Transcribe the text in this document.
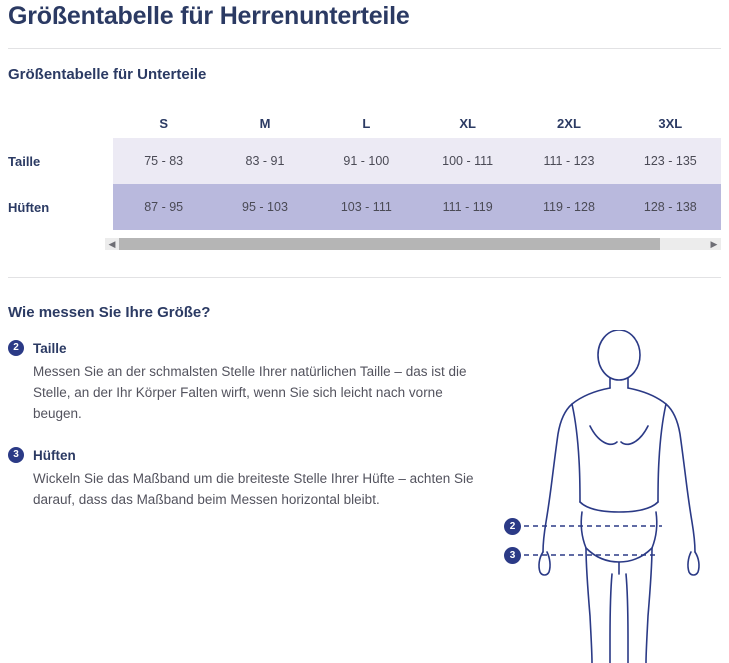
Größentabelle für Herrenunterteile
Größentabelle für Unterteile
	S	M	L	XL	2XL	3XL
Taille	75 - 83	83 - 91	91 - 100	100 - 111	111 - 123	123 - 135
Hüften	87 - 95	95 - 103	103 - 111	111 - 119	119 - 128	128 - 138
◀	▶
Wie messen Sie Ihre Größe?
2	Taille
Messen Sie an der schmalsten Stelle Ihrer natürlichen Taille – das ist die Stelle, an der Ihr Körper Falten wirft, wenn Sie sich leicht nach vorne beugen.
3	Hüften
Wickeln Sie das Maßband um die breiteste Stelle Ihrer Hüfte – achten Sie darauf, dass das Maßband beim Messen horizontal bleibt.
2
3
